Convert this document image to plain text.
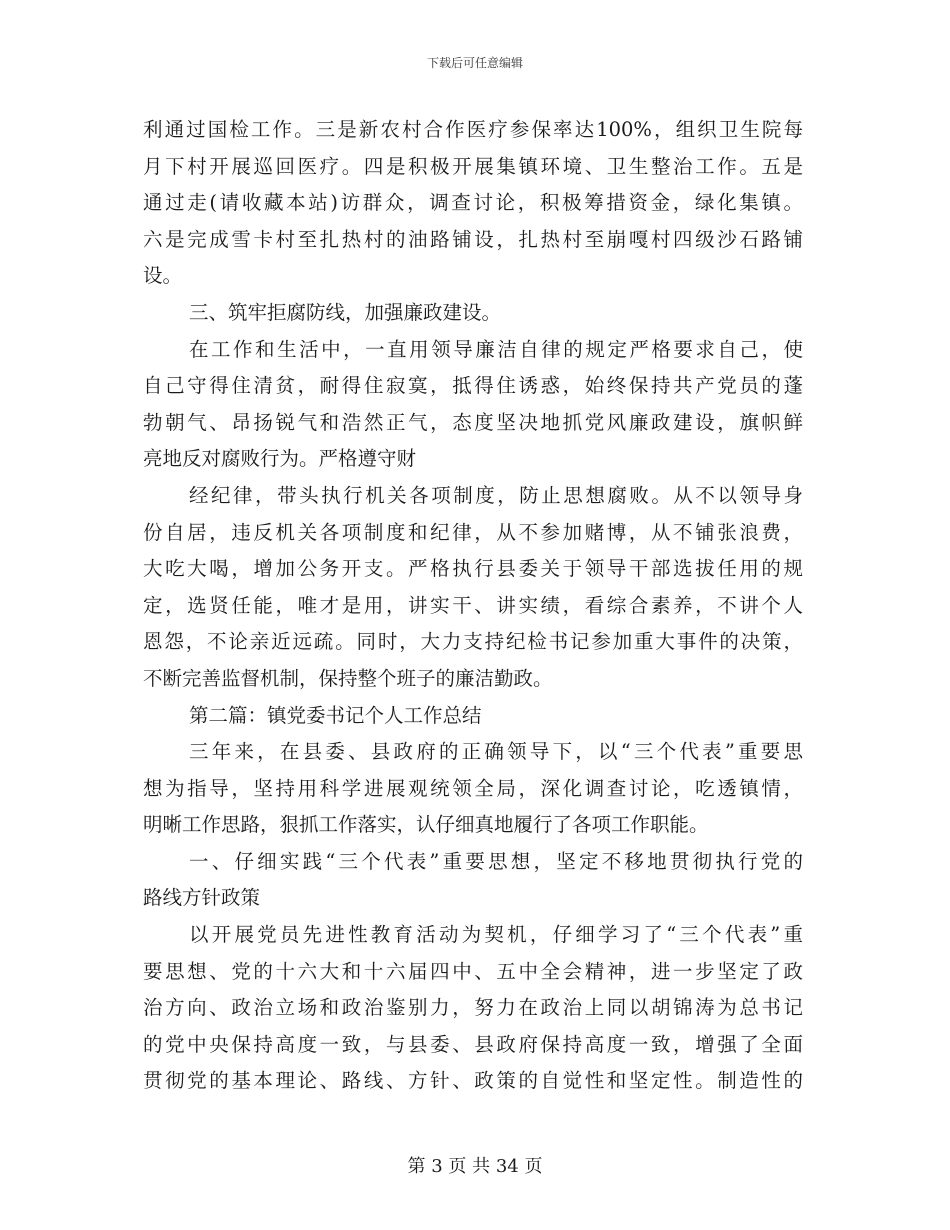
下载后可任意编辑
利通过国检工作。三是新农村合作医疗参保率达100%，组织卫生院每
月下村开展巡回医疗。四是积极开展集镇环境、卫生整治工作。五是
通过走(请收藏本站)访群众，调查讨论，积极筹措资金，绿化集镇。
六是完成雪卡村至扎热村的油路铺设，扎热村至崩嘎村四级沙石路铺
设。
三、筑牢拒腐防线，加强廉政建设。
在工作和生活中，一直用领导廉洁自律的规定严格要求自己，使
自己守得住清贫，耐得住寂寞，抵得住诱惑，始终保持共产党员的蓬
勃朝气、昂扬锐气和浩然正气，态度坚决地抓党风廉政建设，旗帜鲜
亮地反对腐败行为。严格遵守财
经纪律，带头执行机关各项制度，防止思想腐败。从不以领导身
份自居，违反机关各项制度和纪律，从不参加赌博，从不铺张浪费，
大吃大喝，增加公务开支。严格执行县委关于领导干部选拔任用的规
定，选贤任能，唯才是用，讲实干、讲实绩，看综合素养，不讲个人
恩怨，不论亲近远疏。同时，大力支持纪检书记参加重大事件的决策，
不断完善监督机制，保持整个班子的廉洁勤政。
第二篇：镇党委书记个人工作总结
三年来，在县委、县政府的正确领导下，以“三个代表”重要思
想为指导，坚持用科学进展观统领全局，深化调查讨论，吃透镇情，
明晰工作思路，狠抓工作落实，认仔细真地履行了各项工作职能。
一、仔细实践“三个代表”重要思想，坚定不移地贯彻执行党的
路线方针政策
以开展党员先进性教育活动为契机，仔细学习了“三个代表”重
要思想、党的十六大和十六届四中、五中全会精神，进一步坚定了政
治方向、政治立场和政治鉴别力，努力在政治上同以胡锦涛为总书记
的党中央保持高度一致，与县委、县政府保持高度一致，增强了全面
贯彻党的基本理论、路线、方针、政策的自觉性和坚定性。制造性的
第 3 页 共 34 页
